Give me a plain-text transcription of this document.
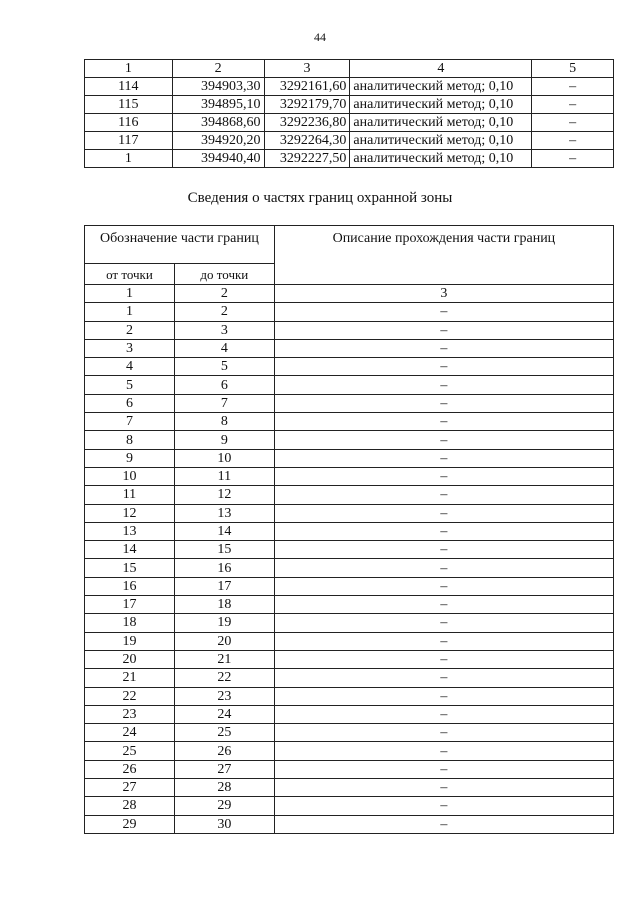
44
1	2	3	4	5
114	394903,30	3292161,60	аналитический метод; 0,10	–
115	394895,10	3292179,70	аналитический метод; 0,10	–
116	394868,60	3292236,80	аналитический метод; 0,10	–
117	394920,20	3292264,30	аналитический метод; 0,10	–
1	394940,40	3292227,50	аналитический метод; 0,10	–
Сведения о частях границ охранной зоны
Обозначение части границ		Описание прохождения части границ
от точки	до точки	
1	2	3
1	2	–
2	3	–
3	4	–
4	5	–
5	6	–
6	7	–
7	8	–
8	9	–
9	10	–
10	11	–
11	12	–
12	13	–
13	14	–
14	15	–
15	16	–
16	17	–
17	18	–
18	19	–
19	20	–
20	21	–
21	22	–
22	23	–
23	24	–
24	25	–
25	26	–
26	27	–
27	28	–
28	29	–
29	30	–
